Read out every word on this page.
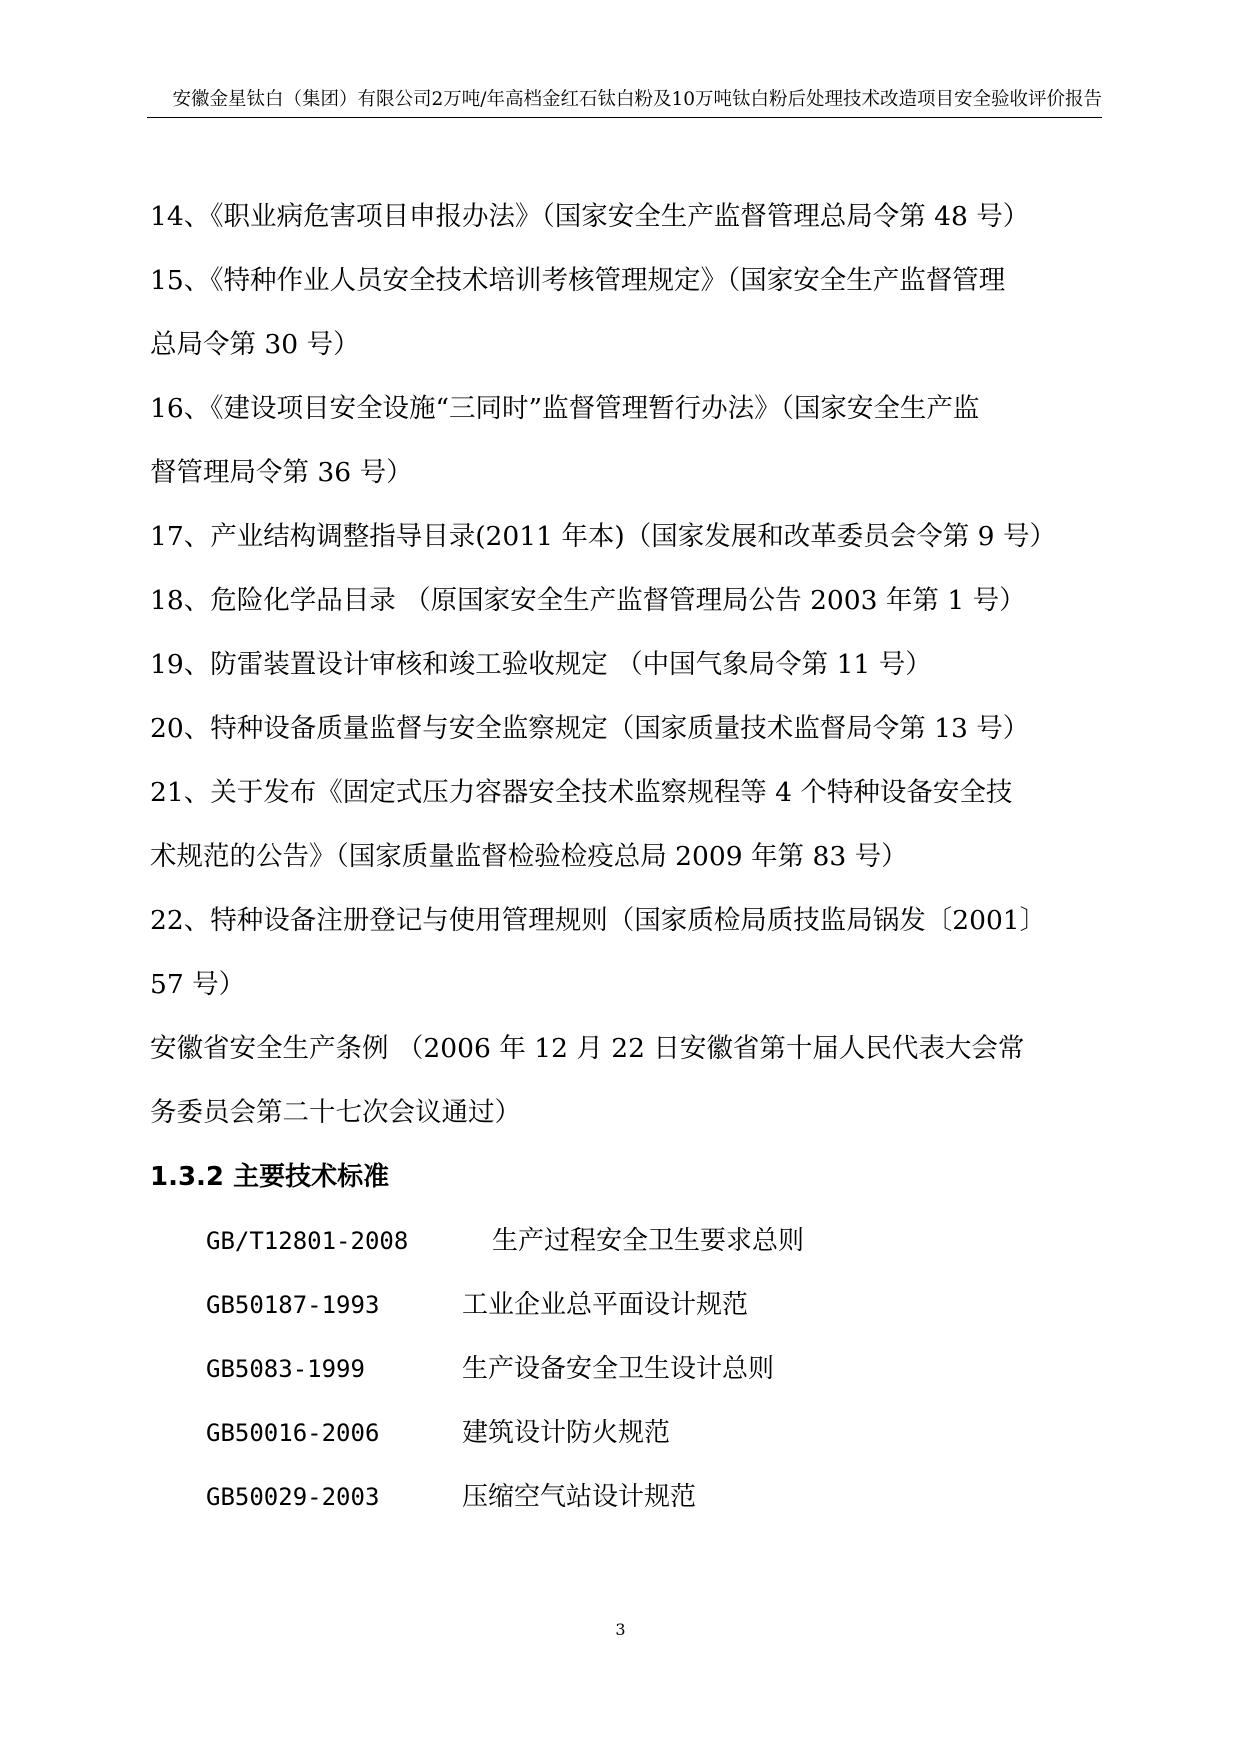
安徽金星钛白（集团）有限公司2万吨/年高档金红石钛白粉及10万吨钛白粉后处理技术改造项目安全验收评价报告
14、《职业病危害项目申报办法》（国家安全生产监督管理总局令第 48 号）
15、《特种作业人员安全技术培训考核管理规定》（国家安全生产监督管理
总局令第 30 号）
16、《建设项目安全设施“三同时”监督管理暂行办法》（国家安全生产监
督管理局令第 36 号）
17、产业结构调整指导目录(2011 年本)（国家发展和改革委员会令第 9 号）
18、危险化学品目录 （原国家安全生产监督管理局公告 2003 年第 1 号）
19、防雷装置设计审核和竣工验收规定 （中国气象局令第 11 号）
20、特种设备质量监督与安全监察规定（国家质量技术监督局令第 13 号）
21、关于发布《固定式压力容器安全技术监察规程等 4 个特种设备安全技
术规范的公告》（国家质量监督检验检疫总局 2009 年第 83 号）
22、特种设备注册登记与使用管理规则（国家质检局质技监局锅发〔2001〕
57 号）
安徽省安全生产条例 （2006 年 12 月 22 日安徽省第十届人民代表大会常
务委员会第二十七次会议通过）
1.3.2 主要技术标准
GB/T12801-2008	生产过程安全卫生要求总则
GB50187-1993	工业企业总平面设计规范
GB5083-1999	生产设备安全卫生设计总则
GB50016-2006	建筑设计防火规范
GB50029-2003	压缩空气站设计规范
3
